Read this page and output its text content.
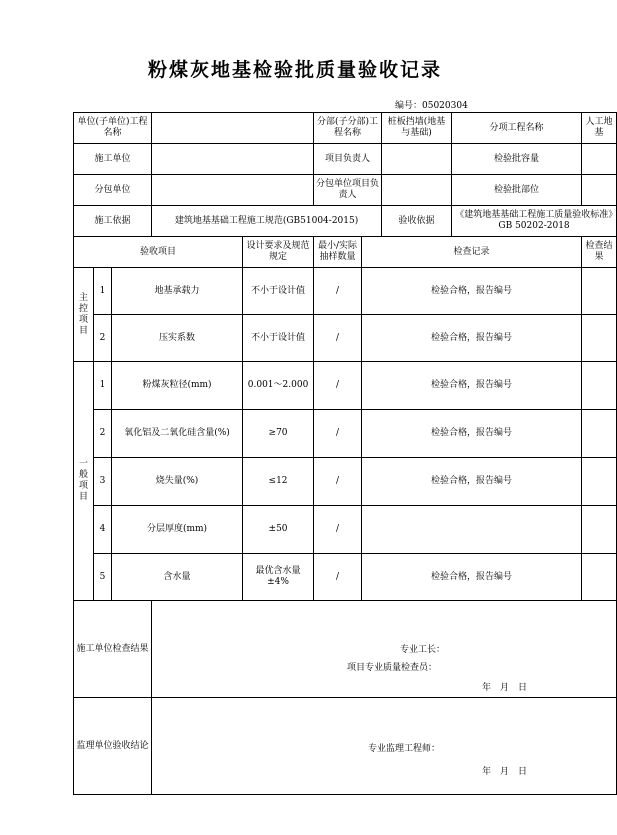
粉煤灰地基检验批质量验收记录
编号：05020304
单位(子单位)工程名称					分部(子分部)工程名称		桩板挡墙(地基与基础)	分项工程名称	人工地基
施工单位					项目负责人			检验批容量	
分包单位					分包单位项目负责人			检验批部位	
施工依据			建筑地基基础工程施工规范(GB51004-2015)				验收依据	《建筑地基基础工程施工质量验收标准》GB 50202-2018	
验收项目				设计要求及规范规定	最小/实际抽样数量	检查记录			检查结果

主
控
项
目	1	地基承载力		不小于设计值	/	检验合格，报告编号			
	2	压实系数		不小于设计值	/	检验合格，报告编号			

一
般
项
目	1	粉煤灰粒径(mm)		0.001～2.000	/	检验合格，报告编号			
	2	氧化铝及二氧化硅含量(%)		≥70	/	检验合格，报告编号			
	3	烧失量(%)		≤12	/	检验合格，报告编号			
	4	分层厚度(mm)		±50	/				
	5	含水量		最优含水量±4%	/	检验合格，报告编号			
施工单位检查结果			专业工长：
项目专业质量检查员：
年　月　日						

监理单位验收结论			专业监理工程师：
年　月　日						
